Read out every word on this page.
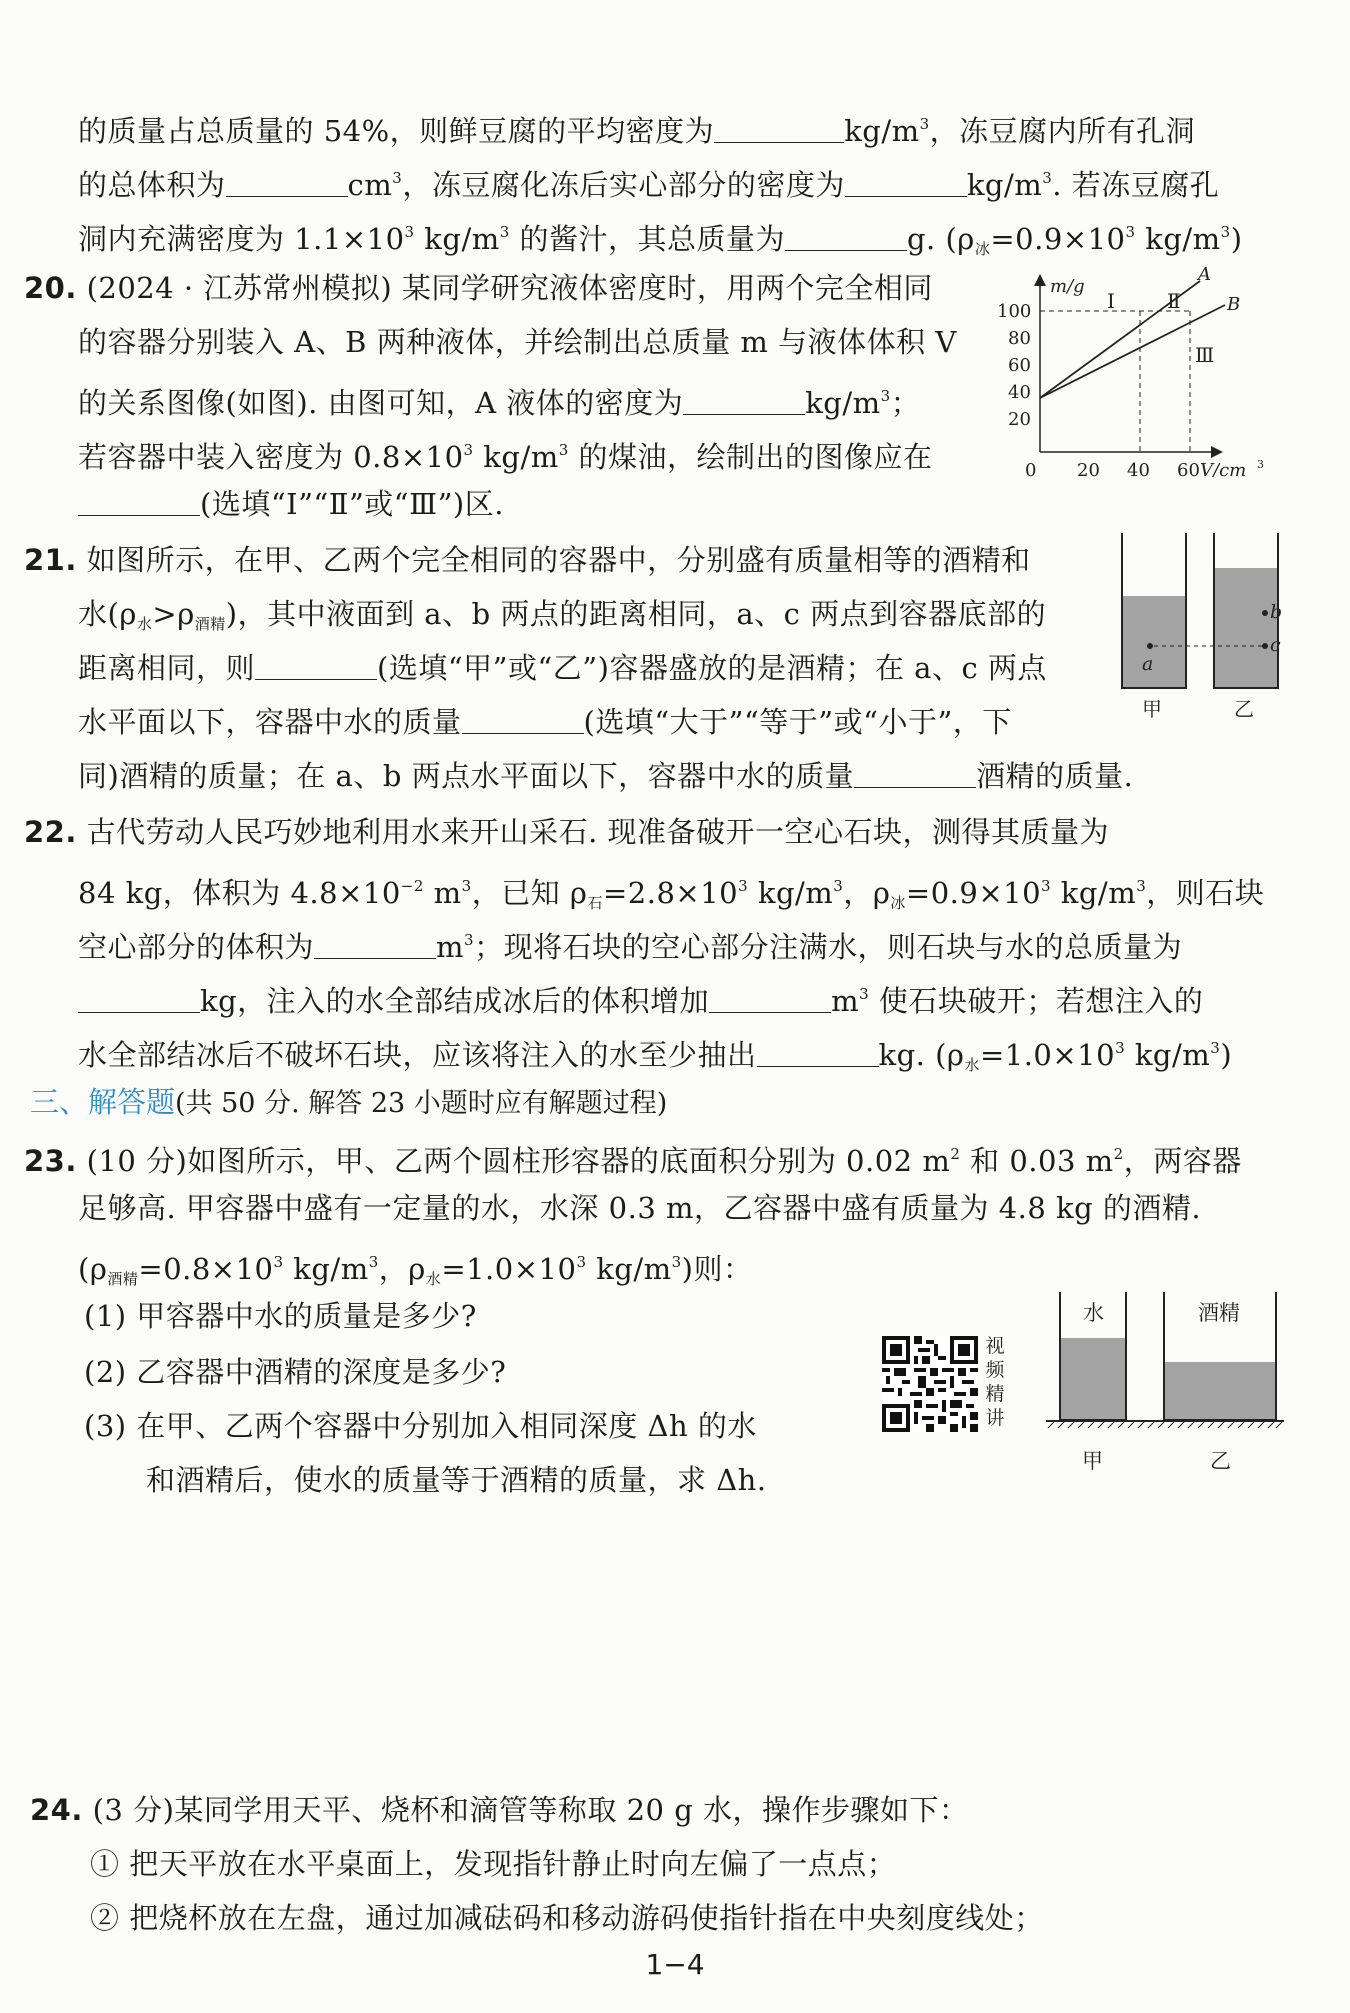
的质量占总质量的 54%，则鲜豆腐的平均密度为	$kg/m^3$，冻豆腐内所有孔洞
的总体积为	$cm^3$，冻豆腐化冻后实心部分的密度为	$kg/m^3$. 若冻豆腐孔
洞内充满密度为 $1.1\times 10^3$ $kg/m^3$ 的酱汁，其总质量为	g. ($\rho_冰=0.9\times 10^3$ $kg/m^3$)
20. (2024 · 江苏常州模拟) 某同学研究液体密度时，用两个完全相同
的容器分别装入 A、B 两种液体，并绘制出总质量 m 与液体体积 V
的关系图像(如图). 由图可知，A 液体的密度为	$kg/m^3$；
若容器中装入密度为 $0.8\times 10^3$ $kg/m^3$ 的煤油，绘制出的图像应在
(选填“Ⅰ”“Ⅱ”或“Ⅲ”)区.
m/g
V/cm 3
100
80
60
40
20
0 20 40 60
A
B
Ⅰ	Ⅱ
Ⅲ
21. 如图所示，在甲、乙两个完全相同的容器中，分别盛有质量相等的酒精和
水$(\rho_水>\rho_{酒精})$，其中液面到 a、b 两点的距离相同，a、c 两点到容器底部的
距离相同，则	(选填“甲”或“乙”)容器盛放的是酒精；在 a、c 两点
水平面以下，容器中水的质量	(选填“大于”“等于”或“小于”，下
同)酒精的质量；在 a、b 两点水平面以下，容器中水的质量	酒精的质量.
a
b
c
甲	乙
22. 古代劳动人民巧妙地利用水来开山采石. 现准备破开一空心石块，测得其质量为
84 kg，体积为 $4.8\times 10^{-2}$ $m^3$，已知 $\rho_石=2.8\times 10^3$ $kg/m^3$，$\rho_冰=0.9\times 10^3$ $kg/m^3$，则石块
空心部分的体积为	$m^3$；现将石块的空心部分注满水，则石块与水的总质量为
kg，注入的水全部结成冰后的体积增加	$m^3$ 使石块破开；若想注入的
水全部结冰后不破坏石块，应该将注入的水至少抽出	kg. ($\rho_水=1.0\times 10^3$ $kg/m^3$)
三、解答题(共 50 分. 解答 23 小题时应有解题过程)
23. (10 分)如图所示，甲、乙两个圆柱形容器的底面积分别为 0.02 $m^2$ 和 0.03 $m^2$，两容器
足够高. 甲容器中盛有一定量的水，水深 0.3 m，乙容器中盛有质量为 4.8 kg 的酒精.
($\rho_{酒精}=0.8\times 10^3$ $kg/m^3$，$\rho_水=1.0\times 10^3$ $kg/m^3$)则：
(1) 甲容器中水的质量是多少?
(2) 乙容器中酒精的深度是多少?
(3) 在甲、乙两个容器中分别加入相同深度 Δh 的水
和酒精后，使水的质量等于酒精的质量，求 Δh.
视频精讲
水	酒精
甲	乙
24. (3 分)某同学用天平、烧杯和滴管等称取 20 g 水，操作步骤如下：
① 把天平放在水平桌面上，发现指针静止时向左偏了一点点；
② 把烧杯放在左盘，通过加减砝码和移动游码使指针指在中央刻度线处；
1−4
